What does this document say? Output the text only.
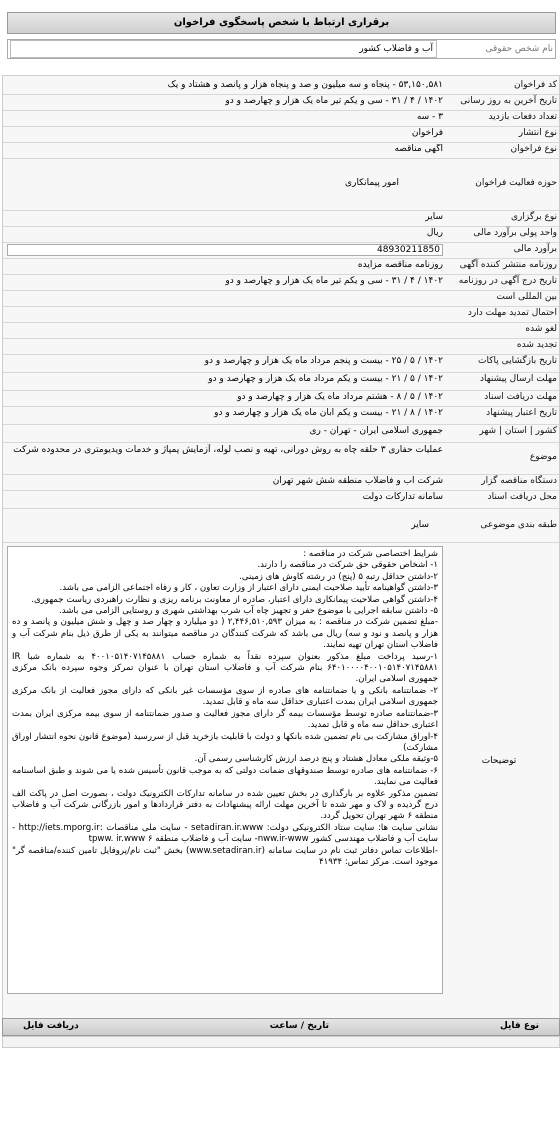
برقراری ارتباط با شخص پاسخگوی فراخوان
نام شخص حقوقی
آب و فاضلاب کشور
کد فراخوان
۵۳,۱۵۰,۵۸۱ - پنجاه و سه میلیون و صد و پنجاه هزار و پانصد و هشتاد و یک
تاریخ آخرین به روز رسانی
۱۴۰۲ / ۴ / ۳۱ - سی و یکم تیر ماه یک هزار و چهارصد و دو
تعداد دفعات بازدید
۳ - سه
نوع انتشار
فراخوان
نوع فراخوان
آگهی مناقصه
حوزه فعالیت فراخوان
امور پیمانکاری
نوع برگزاری
سایر
واحد پولی برآورد مالی
ریال
برآورد مالی
48930211850
روزنامه منتشر کننده آگهی
روزنامه مناقصه مزایده
تاریخ درج آگهی در روزنامه
۱۴۰۲ / ۴ / ۳۱ - سی و یکم تیر ماه یک هزار و چهارصد و دو
بین المللی است
احتمال تمدید مهلت دارد
لغو شده
تجدید شده
تاریخ بازگشایی پاکات
۱۴۰۲ / ۵ / ۲۵ - بیست و پنجم مرداد ماه یک هزار و چهارصد و دو
مهلت ارسال پیشنهاد
۱۴۰۲ / ۵ / ۲۱ - بیست و یکم مرداد ماه یک هزار و چهارصد و دو
مهلت دریافت اسناد
۱۴۰۲ / ۵ / ۸ - هشتم مرداد ماه یک هزار و چهارصد و دو
تاریخ اعتبار پیشنهاد
۱۴۰۲ / ۸ / ۲۱ - بیست و یکم آبان ماه یک هزار و چهارصد و دو
کشور | استان | شهر
جمهوری اسلامی ایران - تهران - ری
موضوع
عملیات حفاری ۳ حلقه چاه به روش دورانی، تهیه و نصب لوله، آزمایش پمپاژ و خدمات ویدیومتری در محدوده شرکت
دستگاه مناقصه گزار
شرکت آب و فاضلاب منطقه شش شهر تهران
محل دریافت اسناد
سامانه تدارکات دولت
طبقه بندی موضوعی
سایر
توضیحات

شرایط اختصاصی شرکت در مناقصه :

۱- اشخاص حقوقی حق شرکت در مناقصه را دارند.

۲-داشتن حداقل رتبه ۵ (پنج) در رشته کاوش های زمینی.

۳-داشتن گواهینامه تأیید صلاحیت ایمنی دارای اعتبار از وزارت تعاون ، کار و رفاه اجتماعی الزامی می باشد.

۴-داشتن گواهی صلاحیت پیمانکاری دارای اعتبار، صادره از معاونت برنامه ریزی و نظارت راهبردی ریاست جمهوری.

۵- داشتن سابقه اجرایی با موضوع حفر و تجهیز چاه آب شرب بهداشتی شهری و روستایی الزامی می باشد.

-مبلغ تضمین شرکت در مناقصه : به میزان ۲,۴۴۶,۵۱۰,۵۹۳ ( دو میلیارد و چهار صد و چهل و شش میلیون و پانصد و ده هزار و پانصد و نود و سه) ریال می باشد که شرکت کنندگان در مناقصه میتوانند به یکی از طرق ذیل بنام شرکت آب و فاضلاب استان تهران تهیه نمایند.

۱-رسید پرداخت مبلغ مذکور بعنوان سپرده نقداً به شماره حساب ۴۰۰۱۰۵۱۴۰۷۱۴۵۸۸۱ به شماره شبا IR ۶۴۰۱۰۰۰۰۴۰۰۱۰۵۱۴۰۷۱۴۵۸۸۱ بنام شرکت آب و فاضلاب استان تهران با عنوان تمرکز وجوه سپرده بانک مرکزی جمهوری اسلامی ایران.

۲- ضمانتنامه بانکی و یا ضمانتنامه های صادره از سوی مؤسسات غیر بانکی که دارای مجوز فعالیت از بانک مرکزی جمهوری اسلامی ایران بمدت اعتباری حداقل سه ماه و قابل تمدید.

۳-ضمانتنامه صادره توسط مؤسسات بیمه گر دارای مجوز فعالیت و صدور ضمانتنامه از سوی بیمه مرکزی ایران بمدت اعتباری حداقل سه ماه و قابل تمدید.

۴-اوراق مشارکت بی نام تضمین شده بانکها و دولت با قابلیت بازخرید قبل از سررسید (موضوع قانون نحوه انتشار اوراق مشارکت)

۵-وثیقه ملکی معادل هشتاد و پنج درصد ارزش کارشناسی رسمی آن.

۶- ضمانتنامه های صادره توسط صندوقهای ضمانت دولتی که به موجب قانون تأسیس شده یا می شوند و طبق اساسنامه فعالیت می نمایند.

تضمین مذکور علاوه بر بارگذاری در بخش تعیین شده در سامانه تدارکات الکترونیک دولت ، بصورت اصل در پاکت الف درج گردیده و لاک و مهر شده تا آخرین مهلت ارائه پیشنهادات به دفتر قراردادها و امور بازرگانی شرکت آب و فاضلاب منطقه ۶ شهر تهران تحویل گردد.

نشانی سایت ها: سایت ستاد الکترونیکی دولت: setadiran.ir.www - سایت ملی مناقصات :http://iets.mporg.ir - سایت آب و فاضلاب مهندسی کشور nww.ir-www- سایت آب و فاضلاب منطقه ۶ tpww. ir.www

-اطلاعات تماس دفاتر ثبت نام در سایت سامانه (www.setadiran.ir) بخش "ثبت نام/پروفایل تامین کننده/مناقصه گر" موجود است. مرکز تماس: ۴۱۹۳۴

نوع فایل
تاریخ / ساعت
دریافت فایل
